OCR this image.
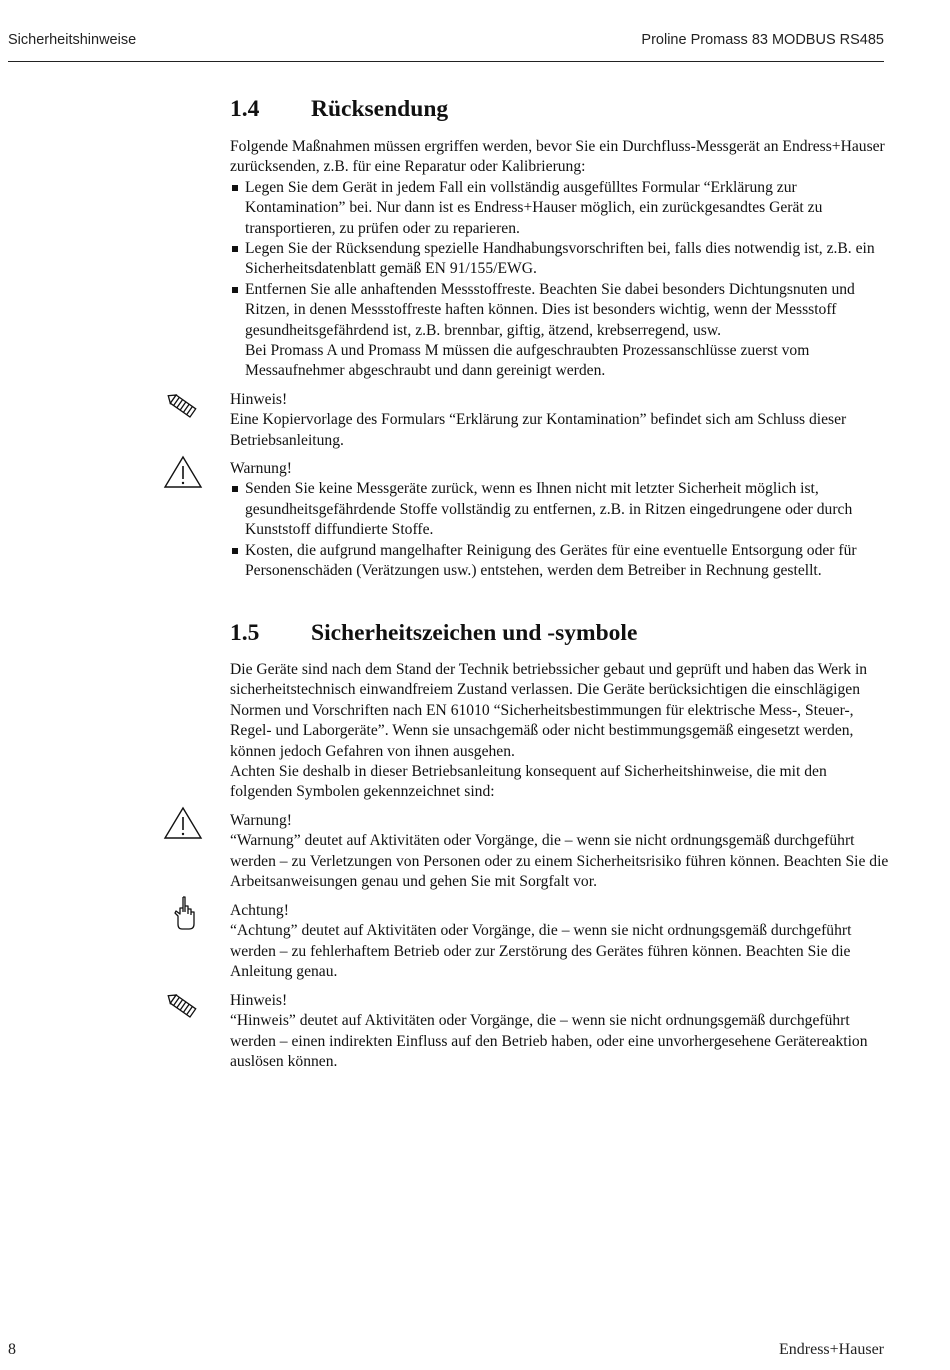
Sicherheitshinweise	Proline Promass 83 MODBUS RS485
1.4 Rücksendung

Folgende Maßnahmen müssen ergriffen werden, bevor Sie ein Durchfluss-Messgerät an Endress+Hauser zurücksenden, z.B. für eine Reparatur oder Kalibrierung:

Legen Sie dem Gerät in jedem Fall ein vollständig ausgefülltes Formular “Erklärung zur Kontamination” bei. Nur dann ist es Endress+Hauser möglich, ein zurückgesandtes Gerät zu transportieren, zu prüfen oder zu reparieren.
Legen Sie der Rücksendung spezielle Handhabungsvorschriften bei, falls dies notwendig ist, z.B. ein Sicherheitsdatenblatt gemäß EN 91/155/EWG.
Entfernen Sie alle anhaftenden Messstoffreste. Beachten Sie dabei besonders Dichtungsnuten und Ritzen, in denen Messstoffreste haften können. Dies ist besonders wichtig, wenn der Messstoff gesundheitsgefährdend ist, z.B. brennbar, giftig, ätzend, krebserregend, usw.
Bei Promass A und Promass M müssen die aufgeschraubten Prozessanschlüsse zuerst vom Messaufnehmer abgeschraubt und dann gereinigt werden.

Hinweis!

Eine Kopiervorlage des Formulars “Erklärung zur Kontamination” befindet sich am Schluss dieser Betriebsanleitung.

Warnung!

Senden Sie keine Messgeräte zurück, wenn es Ihnen nicht mit letzter Sicherheit möglich ist, gesundheitsgefährdende Stoffe vollständig zu entfernen, z.B. in Ritzen eingedrungene oder durch Kunststoff diffundierte Stoffe.
Kosten, die aufgrund mangelhafter Reinigung des Gerätes für eine eventuelle Entsorgung oder für Personenschäden (Verätzungen usw.) entstehen, werden dem Betreiber in Rechnung gestellt.
1.5 Sicherheitszeichen und -symbole

Die Geräte sind nach dem Stand der Technik betriebssicher gebaut und geprüft und haben das Werk in sicherheitstechnisch einwandfreiem Zustand verlassen. Die Geräte berücksichtigen die einschlägigen Normen und Vorschriften nach EN 61010 “Sicherheitsbestimmungen für elektrische Mess-, Steuer-, Regel- und Laborgeräte”. Wenn sie unsachgemäß oder nicht bestimmungsgemäß eingesetzt werden, können jedoch Gefahren von ihnen ausgehen.

Achten Sie deshalb in dieser Betriebsanleitung konsequent auf Sicherheitshinweise, die mit den folgenden Symbolen gekennzeichnet sind:

Warnung!

“Warnung” deutet auf Aktivitäten oder Vorgänge, die – wenn sie nicht ordnungsgemäß durchgeführt werden – zu Verletzungen von Personen oder zu einem Sicherheitsrisiko führen können. Beachten Sie die Arbeitsanweisungen genau und gehen Sie mit Sorgfalt vor.

Achtung!

“Achtung” deutet auf Aktivitäten oder Vorgänge, die – wenn sie nicht ordnungsgemäß durchgeführt werden – zu fehlerhaftem Betrieb oder zur Zerstörung des Gerätes führen können. Beachten Sie die Anleitung genau.

Hinweis!

“Hinweis” deutet auf Aktivitäten oder Vorgänge, die – wenn sie nicht ordnungsgemäß durchgeführt werden – einen indirekten Einfluss auf den Betrieb haben, oder eine unvorhergesehene Gerätereaktion auslösen können.

8	Endress+Hauser
